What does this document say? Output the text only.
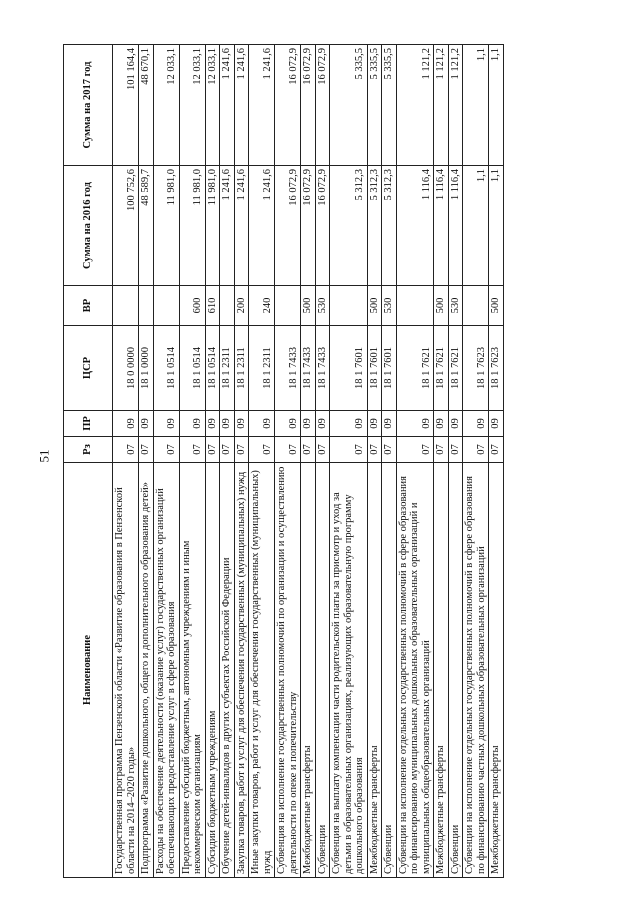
51
Наименование	Рз	ПР	ЦСР	ВР	Сумма на 2016 год	Сумма на 2017 год
Государственная программа Пензенской области «Развитие образования в Пензенской области на 2014–2020 годы»	07	09	18 0 0000		100 752,6	101 164,4
Подпрограмма «Развитие дошкольного, общего и дополнительного образования детей»	07	09	18 1 0000		48 589,7	48 670,1
Расходы на обеспечение деятельности (оказание услуг) государственных организаций обеспечивающих предоставление услуг в сфере образования	07	09	18 1 0514		11 981,0	12 033,1
Предоставление субсидий бюджетным, автономным учреждениям и иным некоммерческим организациям	07	09	18 1 0514	600	11 981,0	12 033,1
Субсидии бюджетным учреждениям	07	09	18 1 0514	610	11 981,0	12 033,1
Обучение детей-инвалидов в других субъектах Российской Федерации	07	09	18 1 2311		1 241,6	1 241,6
Закупка товаров, работ и услуг для обеспечения государственных (муниципальных) нужд	07	09	18 1 2311	200	1 241,6	1 241,6
Иные закупки товаров, работ и услуг для обеспечения государственных (муниципальных) нужд	07	09	18 1 2311	240	1 241,6	1 241,6
Субвенция на исполнение государственных полномочий по организации и осуществлению деятельности по опеке и попечительству	07	09	18 1 7433		16 072,9	16 072,9
Межбюджетные трансферты	07	09	18 1 7433	500	16 072,9	16 072,9
Субвенции	07	09	18 1 7433	530	16 072,9	16 072,9
Субвенция на выплату компенсации части родительской платы за присмотр и уход за детьми в образовательных организациях, реализующих образовательную программу дошкольного образования	07	09	18 1 7601		5 312,3	5 335,5
Межбюджетные трансферты	07	09	18 1 7601	500	5 312,3	5 335,5
Субвенции	07	09	18 1 7601	530	5 312,3	5 335,5
Субвенции на исполнение отдельных государственных полномочий в сфере образования по финансированию муниципальных дошкольных образовательных организаций и муниципальных общеобразовательных организаций	07	09	18 1 7621		1 116,4	1 121,2
Межбюджетные трансферты	07	09	18 1 7621	500	1 116,4	1 121,2
Субвенции	07	09	18 1 7621	530	1 116,4	1 121,2
Субвенции на исполнение отдельных государственных полномочий в сфере образования по финансированию частных дошкольных образовательных организаций	07	09	18 1 7623		1,1	1,1
Межбюджетные трансферты	07	09	18 1 7623	500	1,1	1,1
